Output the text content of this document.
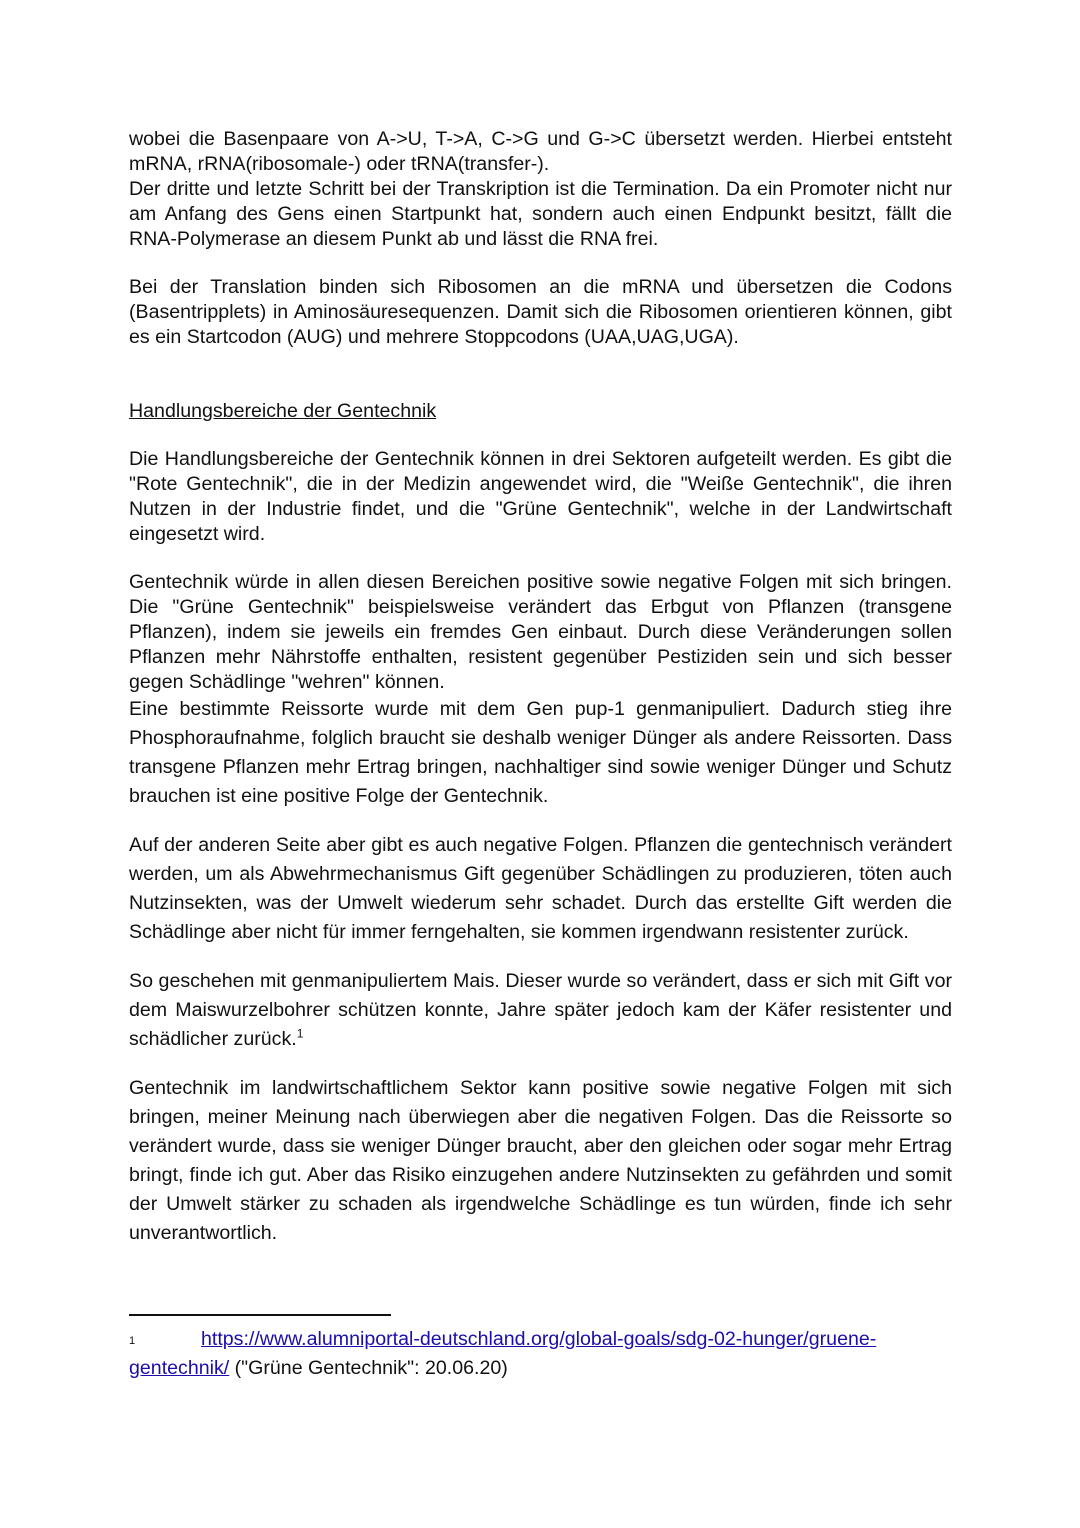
wobei die Basenpaare von A->U, T->A, C->G und G->C übersetzt werden. Hierbei entsteht mRNA, rRNA(ribosomale-) oder tRNA(transfer-).

Der dritte und letzte Schritt bei der Transkription ist die Termination. Da ein Promoter nicht nur am Anfang des Gens einen Startpunkt hat, sondern auch einen Endpunkt besitzt, fällt die RNA-Polymerase an diesem Punkt ab und lässt die RNA frei.

Bei der Translation binden sich Ribosomen an die mRNA und übersetzen die Codons (Basentripplets) in Aminosäuresequenzen. Damit sich die Ribosomen orientieren können, gibt es ein Startcodon (AUG) und mehrere Stoppcodons (UAA,UAG,UGA).

Handlungsbereiche der Gentechnik

Die Handlungsbereiche der Gentechnik können in drei Sektoren aufgeteilt werden. Es gibt die "Rote Gentechnik", die in der Medizin angewendet wird, die "Weiße Gentechnik", die ihren Nutzen in der Industrie findet, und die "Grüne Gentechnik", welche in der Landwirtschaft eingesetzt wird.

Gentechnik würde in allen diesen Bereichen positive sowie negative Folgen mit sich bringen. Die "Grüne Gentechnik" beispielsweise verändert das Erbgut von Pflanzen (transgene Pflanzen), indem sie jeweils ein fremdes Gen einbaut. Durch diese Veränderungen sollen Pflanzen mehr Nährstoffe enthalten, resistent gegenüber Pestiziden sein und sich besser gegen Schädlinge "wehren" können.

Eine bestimmte Reissorte wurde mit dem Gen pup-1 genmanipuliert. Dadurch stieg ihre Phosphoraufnahme, folglich braucht sie deshalb weniger Dünger als andere Reissorten. Dass transgene Pflanzen mehr Ertrag bringen, nachhaltiger sind sowie weniger Dünger und Schutz brauchen ist eine positive Folge der Gentechnik.

Auf der anderen Seite aber gibt es auch negative Folgen. Pflanzen die gentechnisch verändert werden, um als Abwehrmechanismus Gift gegenüber Schädlingen zu produzieren, töten auch Nutzinsekten, was der Umwelt wiederum sehr schadet. Durch das erstellte Gift werden die Schädlinge aber nicht für immer ferngehalten, sie kommen irgendwann resistenter zurück.

So geschehen mit genmanipuliertem Mais. Dieser wurde so verändert, dass er sich mit Gift vor dem Maiswurzelbohrer schützen konnte, Jahre später jedoch kam der Käfer resistenter und schädlicher zurück.$^1$

Gentechnik im landwirtschaftlichem Sektor kann positive sowie negative Folgen mit sich bringen, meiner Meinung nach überwiegen aber die negativen Folgen. Das die Reissorte so verändert wurde, dass sie weniger Dünger braucht, aber den gleichen oder sogar mehr Ertrag bringt, finde ich gut. Aber das Risiko einzugehen andere Nutzinsekten zu gefährden und somit der Umwelt stärker zu schaden als irgendwelche Schädlinge es tun würden, finde ich sehr unverantwortlich.

1	https://www.alumniportal-deutschland.org/global-goals/sdg-02-hunger/gruene-gentechnik/ ("Grüne Gentechnik": 20.06.20)
